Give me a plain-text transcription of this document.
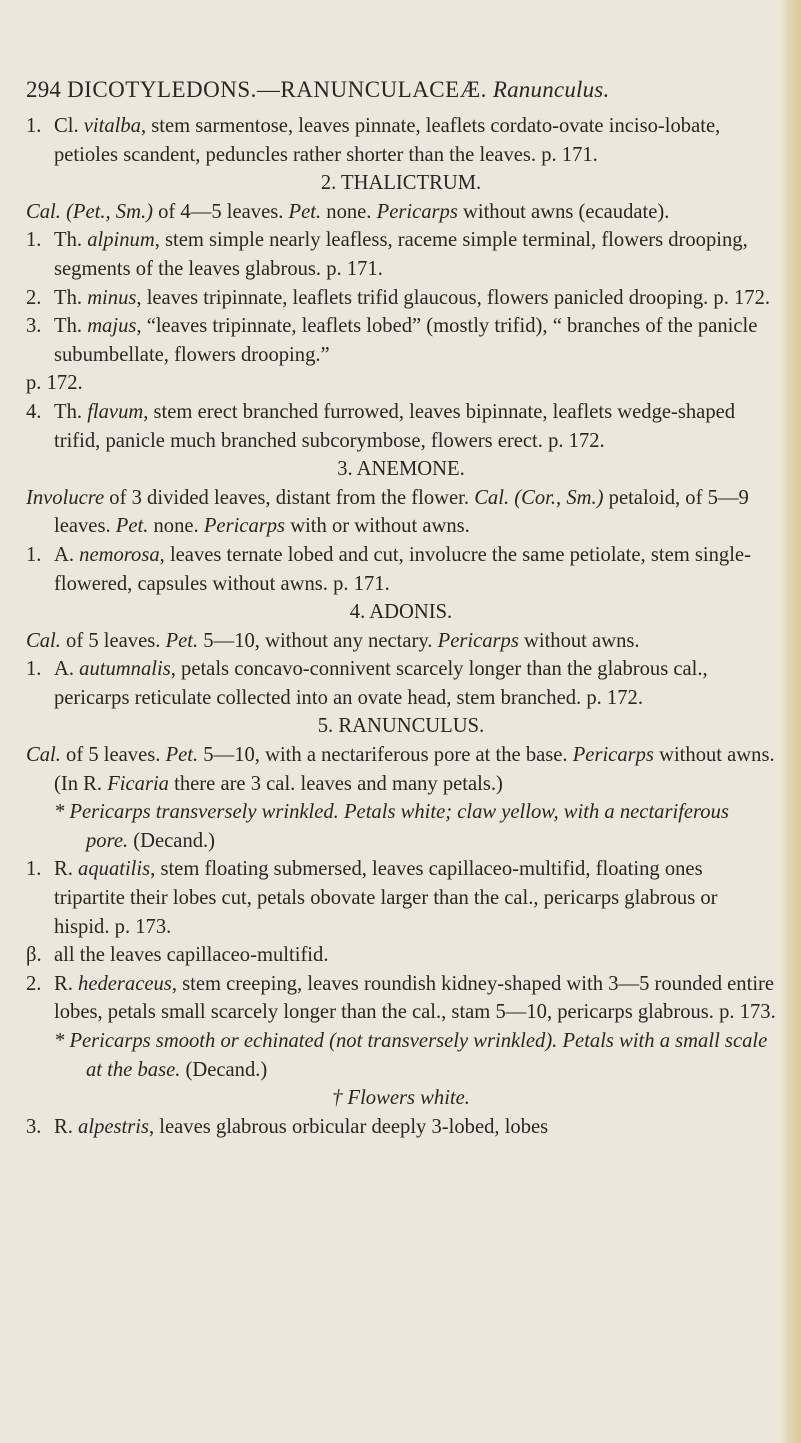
294 DICOTYLEDONS.—RANUNCULACEÆ. Ranunculus.

1. Cl. vitalba, stem sarmentose, leaves pinnate, leaflets cordato-ovate inciso-lobate, petioles scandent, peduncles rather shorter than the leaves. p. 171.

2. THALICTRUM.

Cal. (Pet., Sm.) of 4—5 leaves. Pet. none. Pericarps without awns (ecaudate).

1. Th. alpinum, stem simple nearly leafless, raceme simple terminal, flowers drooping, segments of the leaves glabrous. p. 171.

2. Th. minus, leaves tripinnate, leaflets trifid glaucous, flowers panicled drooping. p. 172.

3. Th. majus, “leaves tripinnate, leaflets lobed” (mostly trifid), “ branches of the panicle subumbellate, flowers drooping.”

p. 172.

4. Th. flavum, stem erect branched furrowed, leaves bipinnate, leaflets wedge-shaped trifid, panicle much branched subcorymbose, flowers erect. p. 172.

3. ANEMONE.

Involucre of 3 divided leaves, distant from the flower. Cal. (Cor., Sm.) petaloid, of 5—9 leaves. Pet. none. Pericarps with or without awns.

1. A. nemorosa, leaves ternate lobed and cut, involucre the same petiolate, stem single-flowered, capsules without awns. p. 171.

4. ADONIS.

Cal. of 5 leaves. Pet. 5—10, without any nectary. Pericarps without awns.

1. A. autumnalis, petals concavo-connivent scarcely longer than the glabrous cal., pericarps reticulate collected into an ovate head, stem branched. p. 172.

5. RANUNCULUS.

Cal. of 5 leaves. Pet. 5—10, with a nectariferous pore at the base. Pericarps without awns. (In R. Ficaria there are 3 cal. leaves and many petals.)

* Pericarps transversely wrinkled. Petals white; claw yellow, with a nectariferous pore. (Decand.)

1. R. aquatilis, stem floating submersed, leaves capillaceo-multifid, floating ones tripartite their lobes cut, petals obovate larger than the cal., pericarps glabrous or hispid. p. 173.

β. all the leaves capillaceo-multifid.

2. R. hederaceus, stem creeping, leaves roundish kidney-shaped with 3—5 rounded entire lobes, petals small scarcely longer than the cal., stam 5—10, pericarps glabrous. p. 173.

* Pericarps smooth or echinated (not transversely wrinkled). Petals with a small scale at the base. (Decand.)

† Flowers white.

3. R. alpestris, leaves glabrous orbicular deeply 3-lobed, lobes
